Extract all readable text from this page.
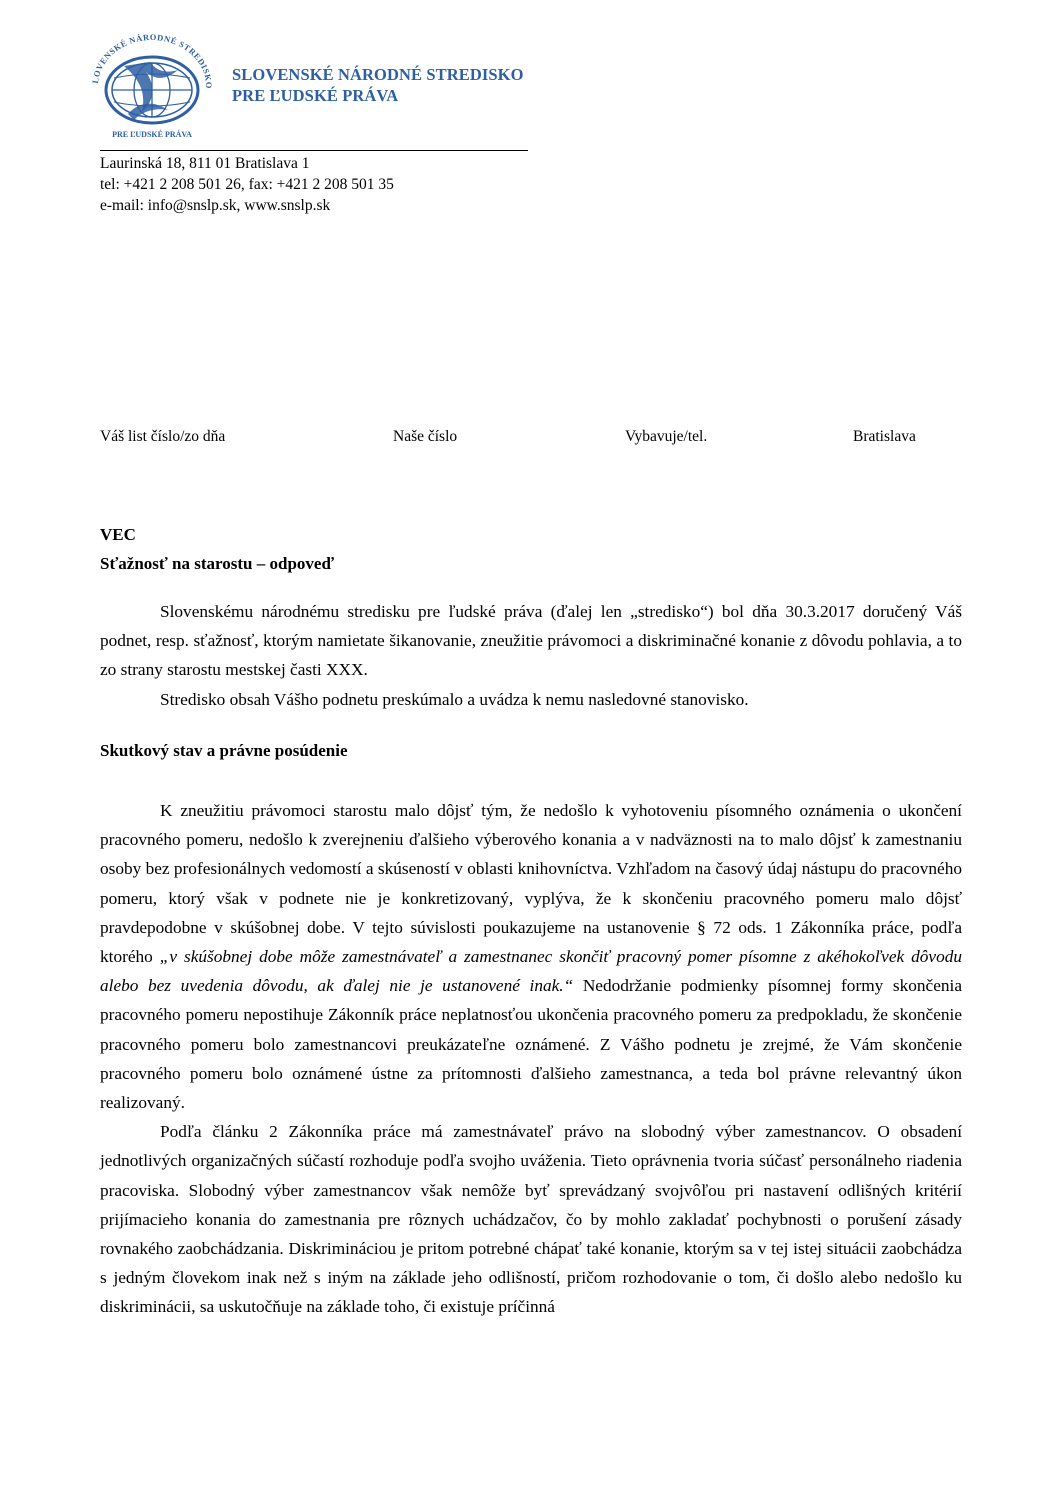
LOVENSKÉ NÁRODNÉ STREDISKO
PRE ĽUDSKÉ PRÁVA
SLOVENSKÉ NÁRODNÉ STREDISKO
PRE ĽUDSKÉ PRÁVA
Laurinská 18, 811 01 Bratislava 1
tel: +421 2 208 501 26, fax: +421 2 208 501 35
e-mail: info@snslp.sk, www.snslp.sk
Váš list číslo/zo dňa	Naše číslo	Vybavuje/tel.	Bratislava
VEC
Sťažnosť na starostu – odpoveď

Slovenskému národnému stredisku pre ľudské práva (ďalej len „stredisko“) bol dňa 30.3.2017 doručený Váš podnet, resp. sťažnosť, ktorým namietate šikanovanie, zneužitie právomoci a diskriminačné konanie z dôvodu pohlavia, a to zo strany starostu mestskej časti XXX.

Stredisko obsah Vášho podnetu preskúmalo a uvádza k nemu nasledovné stanovisko.

Skutkový stav a právne posúdenie

K zneužitiu právomoci starostu malo dôjsť tým, že nedošlo k vyhotoveniu písomného oznámenia o ukončení pracovného pomeru, nedošlo k zverejneniu ďalšieho výberového konania a v nadväznosti na to malo dôjsť k zamestnaniu osoby bez profesionálnych vedomostí a skúseností v oblasti knihovníctva. Vzhľadom na časový údaj nástupu do pracovného pomeru, ktorý však v podnete nie je konkretizovaný, vyplýva, že k skončeniu pracovného pomeru malo dôjsť pravdepodobne v skúšobnej dobe. V tejto súvislosti poukazujeme na ustanovenie § 72 ods. 1 Zákonníka práce, podľa ktorého „v skúšobnej dobe môže zamestnávateľ a zamestnanec skončiť pracovný pomer písomne z akéhokoľvek dôvodu alebo bez uvedenia dôvodu, ak ďalej nie je ustanovené inak.“ Nedodržanie podmienky písomnej formy skončenia pracovného pomeru nepostihuje Zákonník práce neplatnosťou ukončenia pracovného pomeru za predpokladu, že skončenie pracovného pomeru bolo zamestnancovi preukázateľne oznámené. Z Vášho podnetu je zrejmé, že Vám skončenie pracovného pomeru bolo oznámené ústne za prítomnosti ďalšieho zamestnanca, a teda bol právne relevantný úkon realizovaný.

Podľa článku 2 Zákonníka práce má zamestnávateľ právo na slobodný výber zamestnancov. O obsadení jednotlivých organizačných súčastí rozhoduje podľa svojho uváženia. Tieto oprávnenia tvoria súčasť personálneho riadenia pracoviska. Slobodný výber zamestnancov však nemôže byť sprevádzaný svojvôľou pri nastavení odlišných kritérií prijímacieho konania do zamestnania pre rôznych uchádzačov, čo by mohlo zakladať pochybnosti o porušení zásady rovnakého zaobchádzania. Diskrimináciou je pritom potrebné chápať také konanie, ktorým sa v tej istej situácii zaobchádza s jedným človekom inak než s iným na základe jeho odlišností, pričom rozhodovanie o tom, či došlo alebo nedošlo ku diskriminácii, sa uskutočňuje na základe toho, či existuje príčinná
